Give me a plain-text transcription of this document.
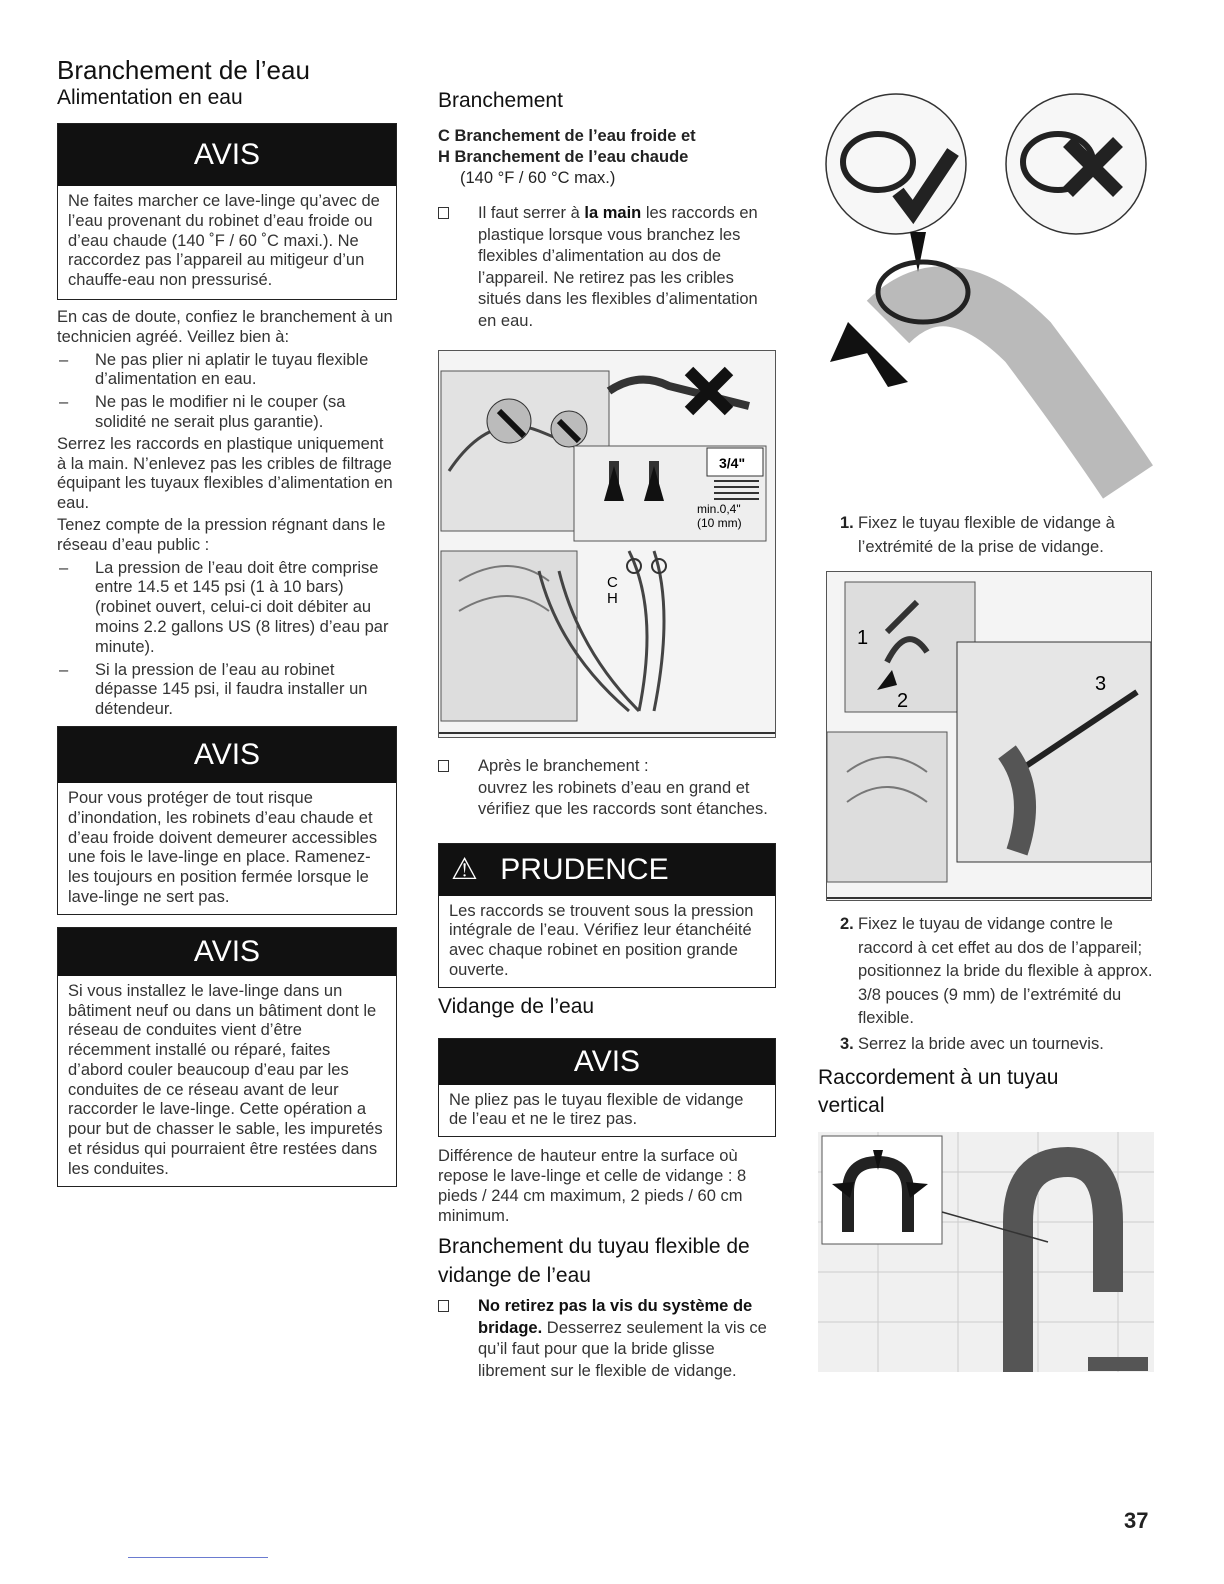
Branchement de l’eau
Alimentation en eau
AVIS
Ne faites marcher ce lave-linge qu’avec de l’eau provenant du robinet d’eau froide ou d’eau chaude (140 ˚F / 60 ˚C maxi.). Ne raccordez pas l’appareil au mitigeur d’un chauffe-eau non pressurisé.

En cas de doute, confiez le branchement à un technicien agréé. Veillez bien à:

– Ne pas plier ni aplatir le tuyau flexible d’alimentation en eau.
– Ne pas le modifier ni le couper (sa solidité ne serait plus garantie).

Serrez les raccords en plastique uniquement à la main. N’enlevez pas les cribles de filtrage équipant les tuyaux flexibles d’alimentation en eau.

Tenez compte de la pression régnant dans le réseau d’eau public :

– La pression de l’eau doit être comprise entre 14.5 et 145 psi (1 à 10 bars) (robinet ouvert, celui-ci doit débiter au moins 2.2 gallons US (8 litres) d’eau par minute).
– Si la pression de l’eau au robinet dépasse 145 psi, il faudra installer un détendeur.
AVIS
Pour vous protéger de tout risque d’inondation, les robinets d’eau chaude et d’eau froide doivent demeurer accessibles une fois le lave-linge en place. Ramenez-les toujours en position fermée lorsque le lave-linge ne sert pas.
AVIS
Si vous installez le lave-linge dans un bâtiment neuf ou dans un bâtiment dont le réseau de conduites vient d’être récemment installé ou réparé, faites d’abord couler beaucoup d’eau par les conduites de ce réseau avant de leur raccorder le lave-linge. Cette opération a pour but de chasser le sable, les impuretés et résidus qui pourraient être restées dans les conduites.
Branchement
C Branchement de l’eau froide et
H Branchement de l’eau chaude
(140 °F / 60 °C max.)
Il faut serrer à la main les raccords en plastique lorsque vous branchez les flexibles d’alimentation au dos de l’appareil. Ne retirez pas les cribles situés dans les flexibles d’alimentation en eau.
3/4"
min.0,4"
(10 mm)
C
H
Après le branchement :
ouvrez les robinets d’eau en grand et vérifiez que les raccords sont étanches.
⚠ PRUDENCE
Les raccords se trouvent sous la pression intégrale de l’eau. Vérifiez leur étanchéité avec chaque robinet en position grande ouverte.
Vidange de l’eau
AVIS
Ne pliez pas le tuyau flexible de vidange de l’eau et ne le tirez pas.

Différence de hauteur entre la surface où repose le lave-linge et celle de vidange : 8 pieds / 244 cm maximum, 2 pieds / 60 cm minimum.

Branchement du tuyau flexible de vidange de l’eau
No retirez pas la vis du système de bridage. Desserrez seulement la vis ce qu’il faut pour que la bride glisse librement sur le flexible de vidange.
1. Fixez le tuyau flexible de vidange à l’extrémité de la prise de vidange.
1
2
3
2. Fixez le tuyau de vidange contre le raccord à cet effet au dos de l’appareil; positionnez la bride du flexible à approx. 3/8 pouces (9 mm) de l’extrémité du flexible.
3. Serrez la bride avec un tournevis.
Raccordement à un tuyau vertical
37
